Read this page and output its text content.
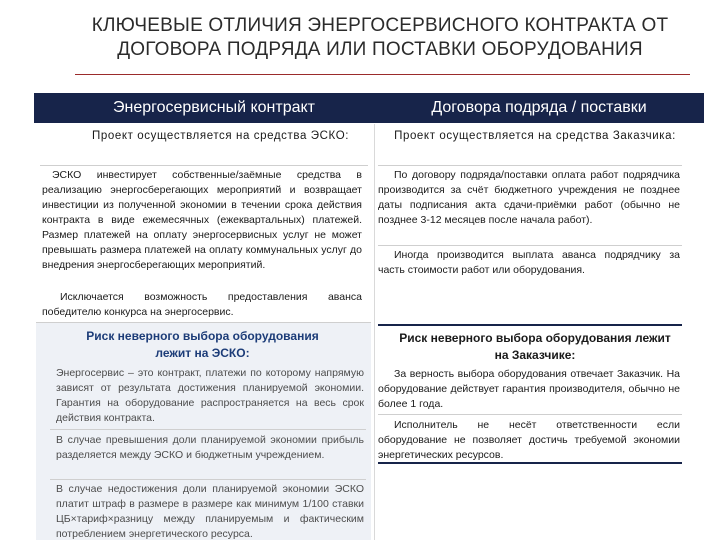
КЛЮЧЕВЫЕ ОТЛИЧИЯ ЭНЕРГОСЕРВИСНОГО КОНТРАКТА ОТ
ДОГОВОРА ПОДРЯДА ИЛИ ПОСТАВКИ ОБОРУДОВАНИЯ
Энергосервисный контракт	Договора подряда / поставки
Проект осуществляется на средства ЭСКО:
ЭСКО инвестирует собственные/заёмные средства в реализацию энергосберегающих мероприятий и возвращает инвестиции из полученной экономии в течении срока действия контракта в виде ежемесячных (ежеквартальных) платежей. Размер платежей на оплату энергосервисных услуг не может превышать размера платежей на оплату коммунальных услуг до внедрения энергосберегающих мероприятий.
Исключается возможность предоставления аванса победителю конкурса на энергосервис.
Риск неверного выбора оборудования лежит на ЭСКО:
Энергосервис – это контракт, платежи по которому напрямую зависят от результата достижения планируемой экономии. Гарантия на оборудование распространяется на весь срок действия контракта.
В случае превышения доли планируемой экономии прибыль разделяется между ЭСКО и бюджетным учреждением.
В случае недостижения доли планируемой экономии ЭСКО платит штраф в размере в размере как минимум 1/100 ставки ЦБ×тариф×разницу между планируемым и фактическим потреблением энергетического ресурса.
Проект осуществляется на средства Заказчика:
По договору подряда/поставки оплата работ подрядчика производится за счёт бюджетного учреждения не позднее даты подписания акта сдачи-приёмки работ (обычно не позднее 3-12 месяцев после начала работ).
Иногда производится выплата аванса подрядчику за часть стоимости работ или оборудования.
Риск неверного выбора оборудования лежит на Заказчике:
За верность выбора оборудования отвечает Заказчик. На оборудование действует гарантия производителя, обычно не более 1 года.
Исполнитель не несёт ответственности если оборудование не позволяет достичь требуемой экономии энергетических ресурсов.
